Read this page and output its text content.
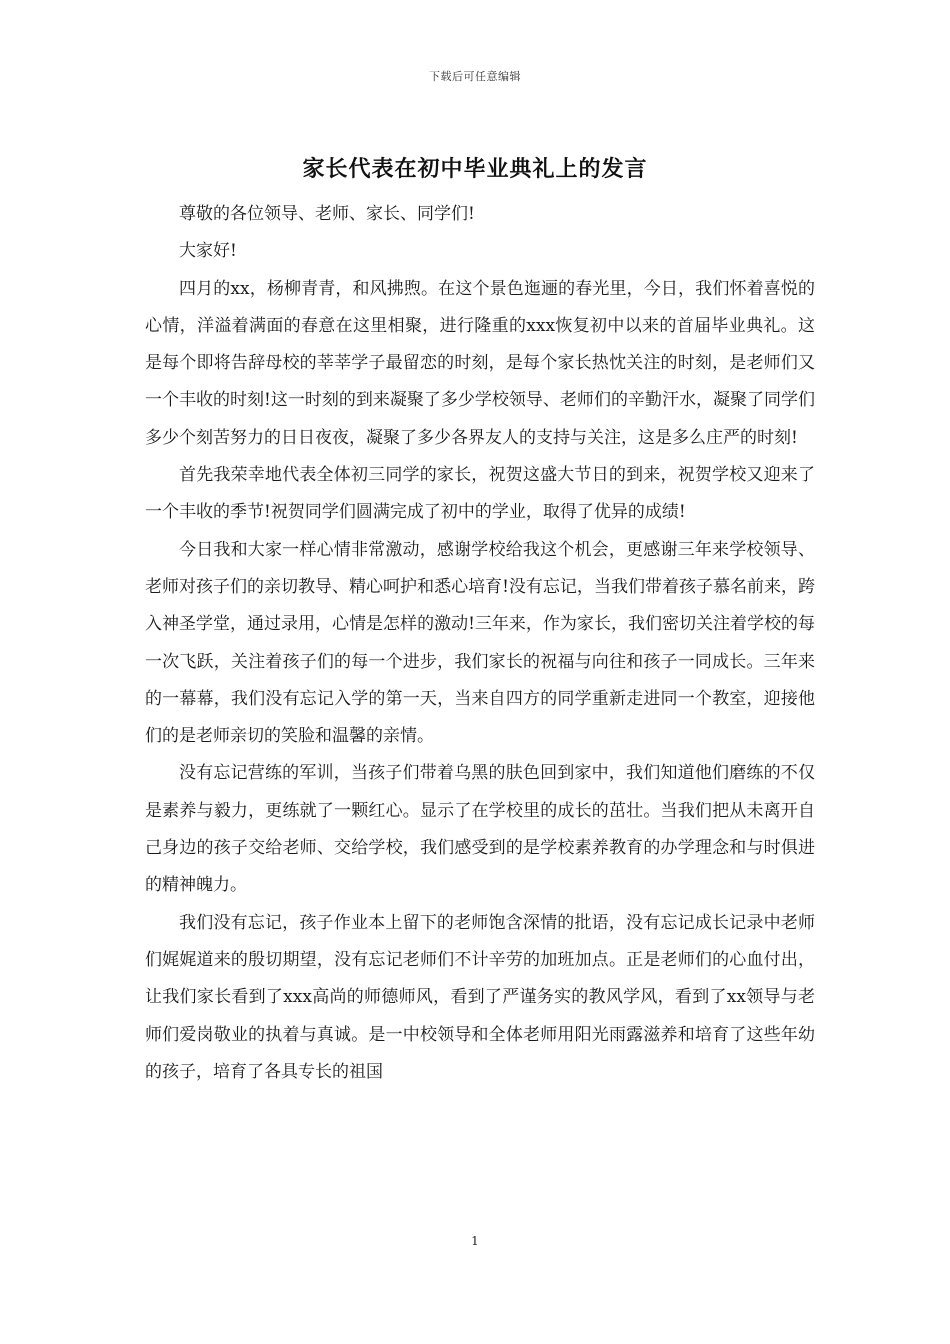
下载后可任意编辑
家长代表在初中毕业典礼上的发言

尊敬的各位领导、老师、家长、同学们!

大家好!

四月的xx，杨柳青青，和风拂煦。在这个景色迤逦的春光里，今日，我们怀着喜悦的心情，洋溢着满面的春意在这里相聚，进行隆重的xxx恢复初中以来的首届毕业典礼。这是每个即将告辞母校的莘莘学子最留恋的时刻，是每个家长热忱关注的时刻，是老师们又一个丰收的时刻!这一时刻的到来凝聚了多少学校领导、老师们的辛勤汗水，凝聚了同学们多少个刻苦努力的日日夜夜，凝聚了多少各界友人的支持与关注，这是多么庄严的时刻!

首先我荣幸地代表全体初三同学的家长，祝贺这盛大节日的到来，祝贺学校又迎来了一个丰收的季节!祝贺同学们圆满完成了初中的学业，取得了优异的成绩!

今日我和大家一样心情非常激动，感谢学校给我这个机会，更感谢三年来学校领导、老师对孩子们的亲切教导、精心呵护和悉心培育!没有忘记，当我们带着孩子慕名前来，跨入神圣学堂，通过录用，心情是怎样的激动!三年来，作为家长，我们密切关注着学校的每一次飞跃，关注着孩子们的每一个进步，我们家长的祝福与向往和孩子一同成长。三年来的一幕幕，我们没有忘记入学的第一天，当来自四方的同学重新走进同一个教室，迎接他们的是老师亲切的笑脸和温馨的亲情。

没有忘记营练的军训，当孩子们带着乌黑的肤色回到家中，我们知道他们磨练的不仅是素养与毅力，更练就了一颗红心。显示了在学校里的成长的茁壮。当我们把从未离开自己身边的孩子交给老师、交给学校，我们感受到的是学校素养教育的办学理念和与时俱进的精神魄力。

我们没有忘记，孩子作业本上留下的老师饱含深情的批语，没有忘记成长记录中老师们娓娓道来的殷切期望，没有忘记老师们不计辛劳的加班加点。正是老师们的心血付出，让我们家长看到了xxx高尚的师德师风，看到了严谨务实的教风学风，看到了xx领导与老师们爱岗敬业的执着与真诚。是一中校领导和全体老师用阳光雨露滋养和培育了这些年幼的孩子，培育了各具专长的祖国

1
